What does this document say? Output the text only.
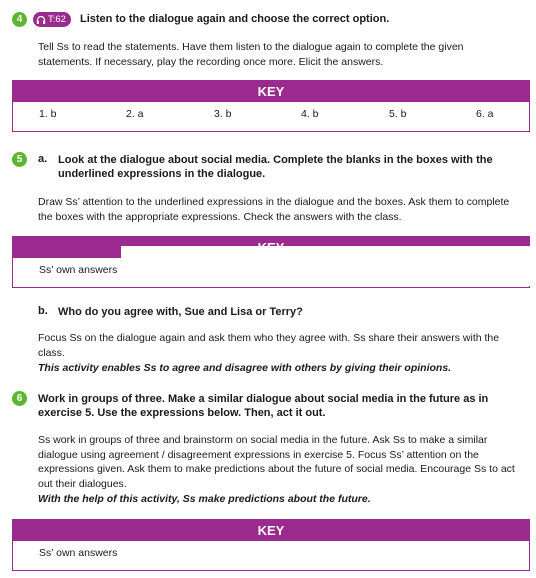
4	T:62 Listen to the dialogue again and choose the correct option.
Tell Ss to read the statements. Have them listen to the dialogue again to complete the given statements. If necessary, play the recording once more. Elicit the answers.
KEY
1. b	2. a	3. b	4. b	5. b	6. a
5	a. Look at the dialogue about social media. Complete the blanks in the boxes with the
underlined expressions in the dialogue.
Draw Ss’ attention to the underlined expressions in the dialogue and the boxes. Ask them to complete the boxes with the appropriate expressions. Check the answers with the class.
Ss’ own answers
b. Who do you agree with, Sue and Lisa or Terry?
Focus Ss on the dialogue again and ask them who they agree with. Ss share their answers with the class.
This activity enables Ss to agree and disagree with others by giving their opinions.
6	Work in groups of three. Make a similar dialogue about social media in the future as in
exercise 5. Use the expressions below. Then, act it out.
Ss work in groups of three and brainstorm on social media in the future. Ask Ss to make a similar dialogue using agreement / disagreement expressions in exercise 5. Focus Ss’ attention on the expressions given. Ask them to make predictions about the future of social media. Encourage Ss to act out their dialogues.
With the help of this activity, Ss make predictions about the future.
KEY
Ss’ own answers
